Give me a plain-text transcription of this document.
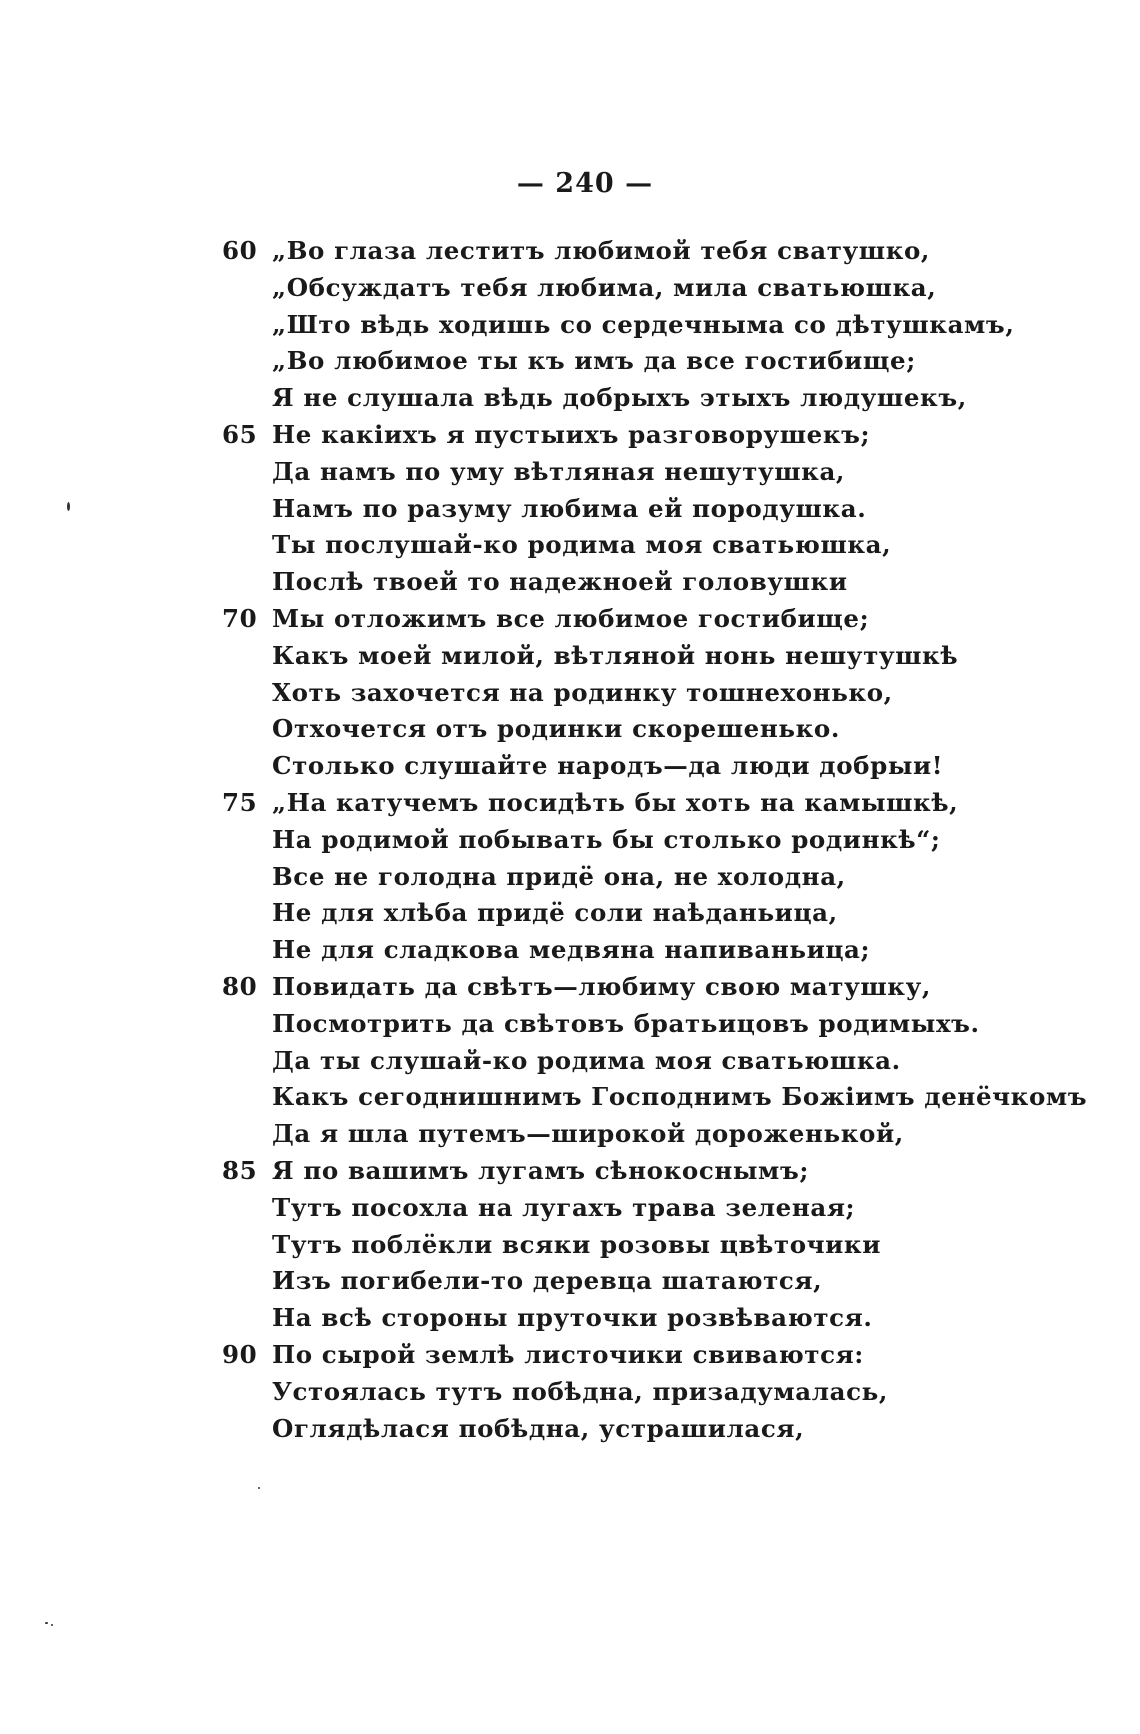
— 240 —
60 „Во глаза леститъ любимой тебя сватушко,
„Обсуждатъ тебя любима, мила сватьюшка,
„Што вѣдь ходишь со сердечныма со дѣтушкамъ,
„Во любимое ты къ имъ да все гостибище;
Я не слушала вѣдь добрыхъ этыхъ людушекъ,
65 Не какіихъ я пустыихъ разговорушекъ;
Да намъ по уму вѣтляная нешутушка,
Намъ по разуму любима ей породушка.
Ты послушай-ко родима моя сватьюшка,
Послѣ твоей то надежноей головушки
70 Мы отложимъ все любимое гостибище;
Какъ моей милой, вѣтляной нонь нешутушкѣ
Хоть захочется на родинку тошнехонько,
Отхочется отъ родинки скорешенько.
Столько слушайте народъ—да люди добрыи!
75 „На катучемъ посидѣть бы хоть на камышкѣ,
На родимой побывать бы столько родинкѣ“;
Все не голодна придё она, не холодна,
Не для хлѣба придё соли наѣданьица,
Не для сладкова медвяна напиваньица;
80 Повидать да свѣтъ—любиму свою матушку,
Посмотрить да свѣтовъ братьицовъ родимыхъ.
Да ты слушай-ко родима моя сватьюшка.
Какъ сегоднишнимъ Господнимъ Божіимъ денёчкомъ
Да я шла путемъ—широкой дороженькой,
85 Я по вашимъ лугамъ сѣнокоснымъ;
Тутъ посохла на лугахъ трава зеленая;
Тутъ поблёкли всяки розовы цвѣточики
Изъ погибели-то деревца шатаются,
На всѣ стороны пруточки розвѣваются.
90 По сырой землѣ листочики свиваются:
Устоялась тутъ побѣдна, призадумалась,
Оглядѣлася побѣдна, устрашилася,
